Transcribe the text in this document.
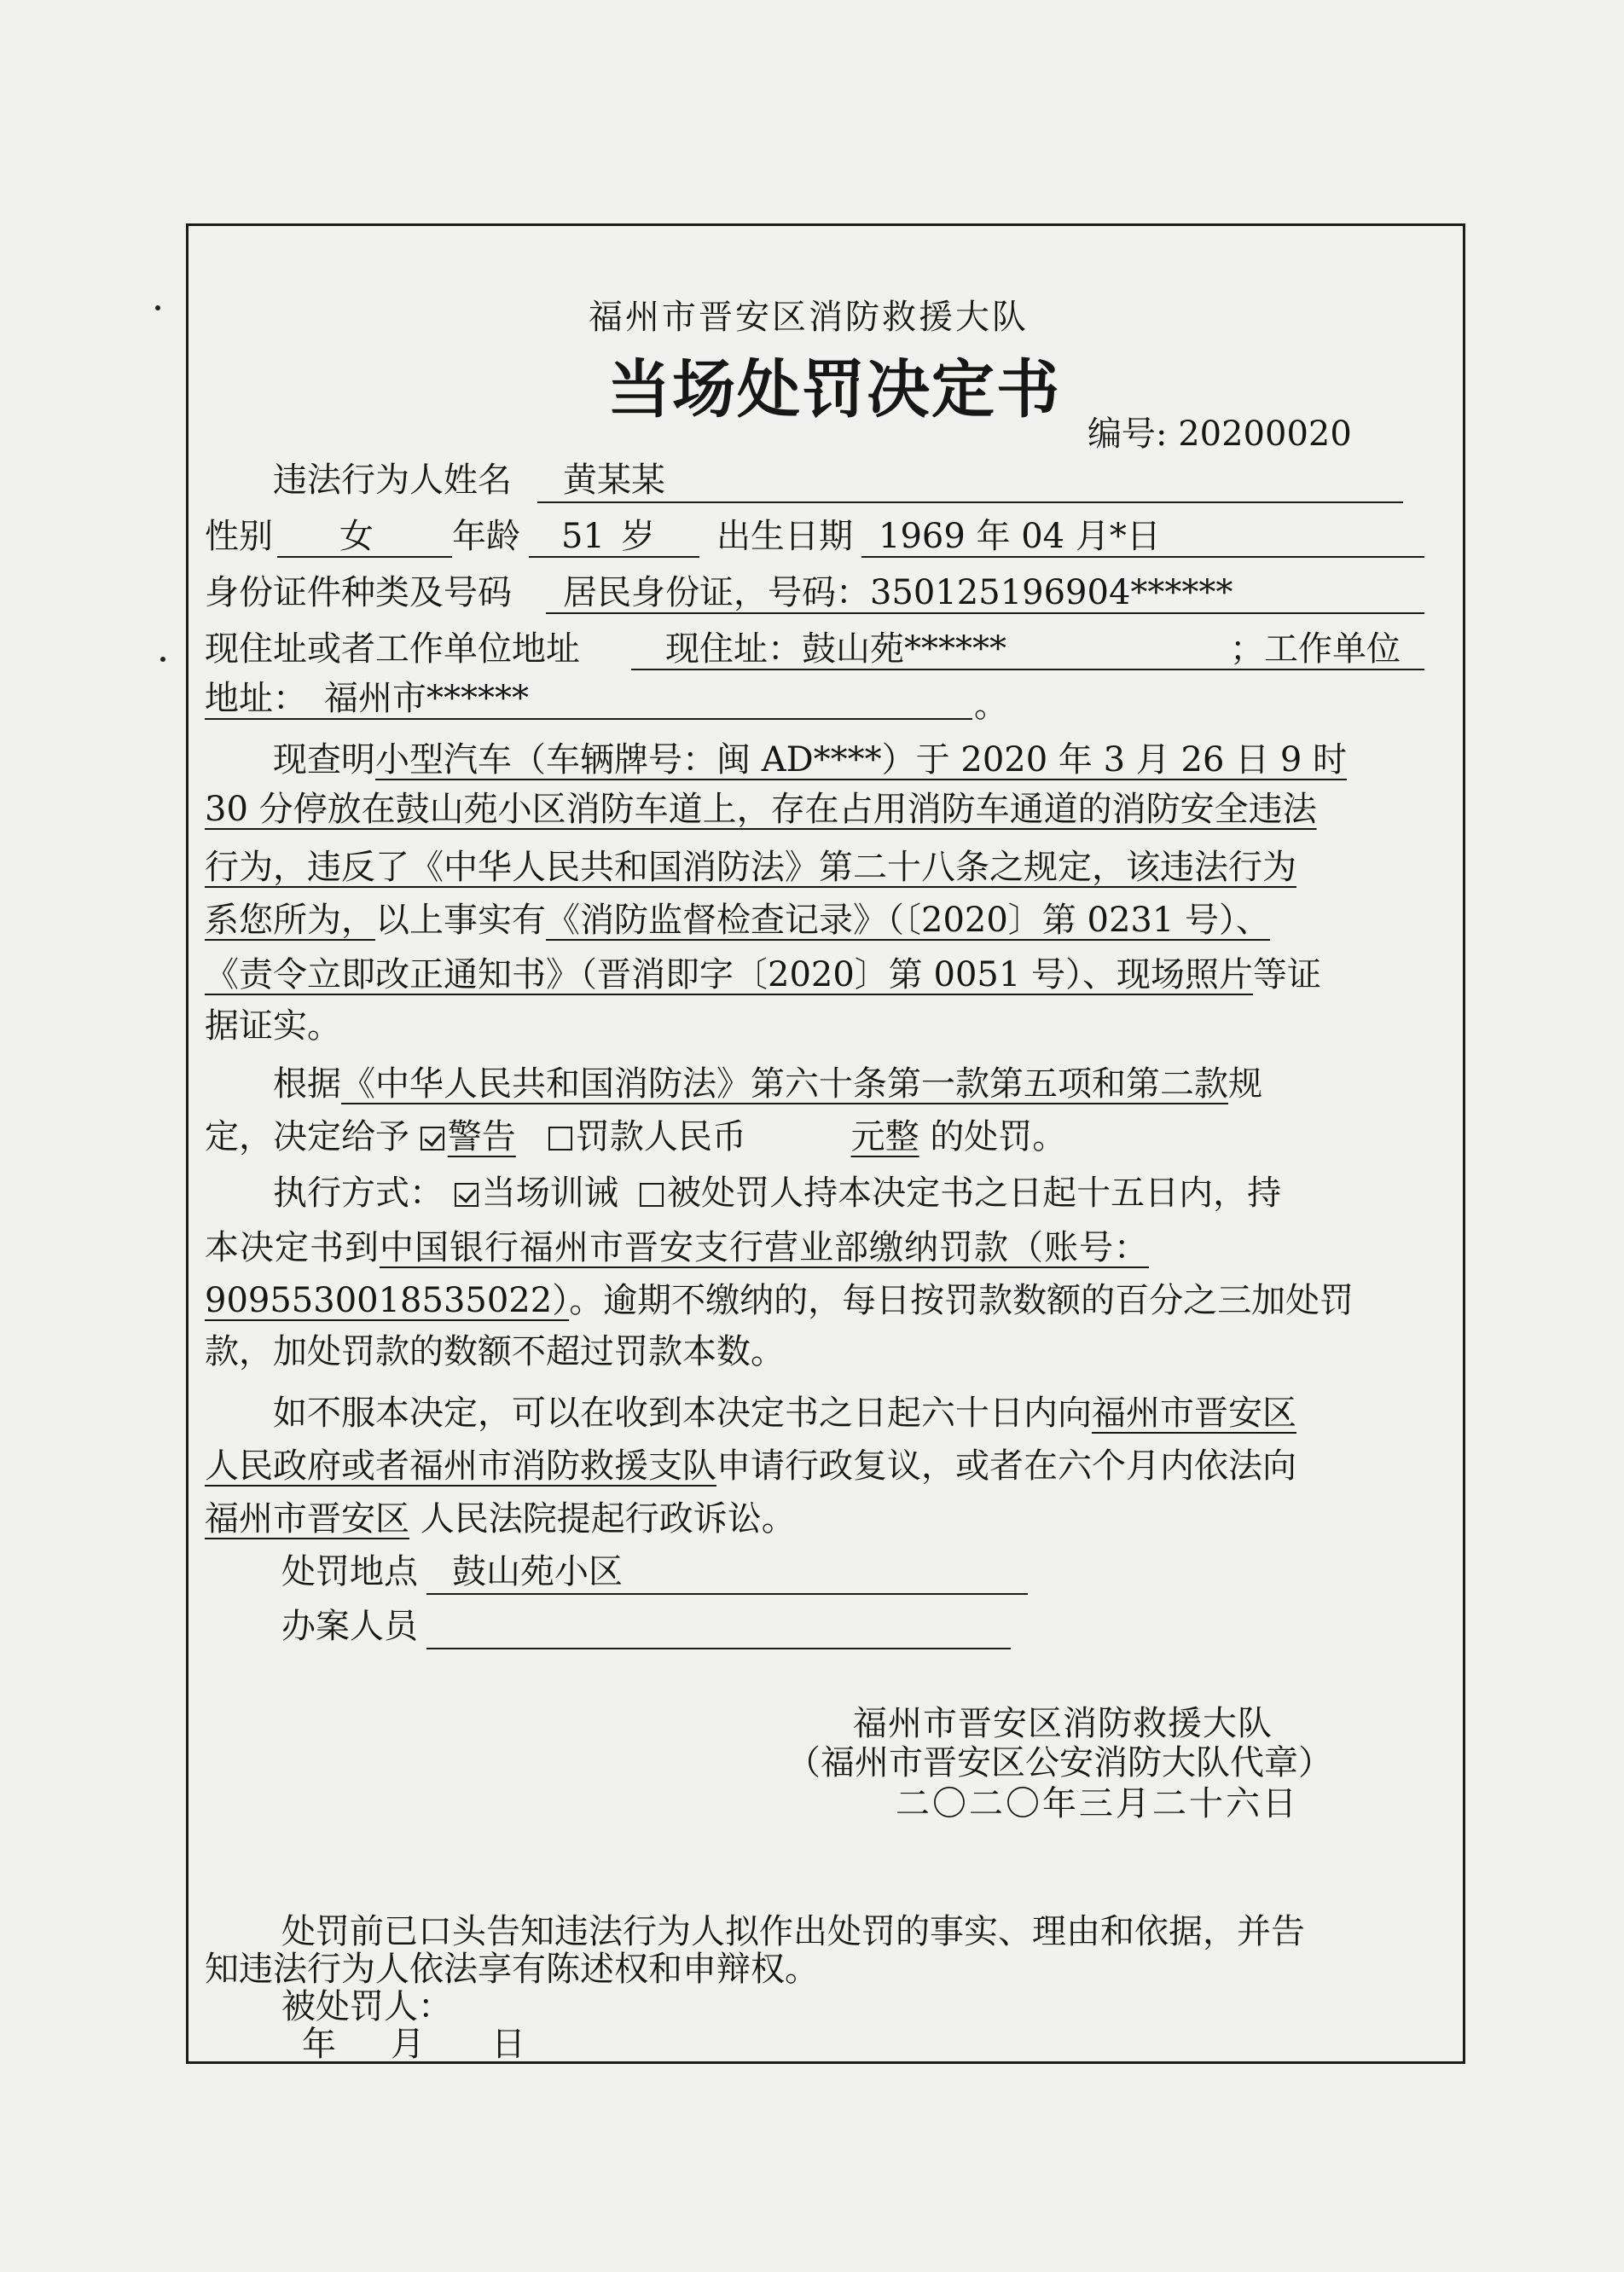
福州市晋安区消防救援大队
当场处罚决定书
编号: 20200020
违法行为人姓名 黄某某
性别 女 年龄 51 岁 出生日期 1969 年 04 月*日
身份证件种类及号码 居民身份证，号码：350125196904******
现住址或者工作单位地址	现住址：鼓山苑******	；工作单位
地址： 福州市******	。
现查明小型汽车（车辆牌号：闽 AD****）于 2020 年 3 月 26 日 9 时
30 分停放在鼓山苑小区消防车道上，存在占用消防车通道的消防安全违法
行为，违反了《中华人民共和国消防法》第二十八条之规定，该违法行为
系您所为，以上事实有《消防监督检查记录》（〔2020〕第 0231 号）、
《责令立即改正通知书》（晋消即字〔2020〕第 0051 号）、现场照片等证
据证实。
根据《中华人民共和国消防法》第六十条第一款第五项和第二款规
定，决定给予 警告 罚款人民币	元整 的处罚。
执行方式： 当场训诫 被处罚人持本决定书之日起十五日内，持
本决定书到中国银行福州市晋安支行营业部缴纳罚款（账号：
9095530018535022）。逾期不缴纳的，每日按罚款数额的百分之三加处罚
款，加处罚款的数额不超过罚款本数。
如不服本决定，可以在收到本决定书之日起六十日内向福州市晋安区
人民政府或者福州市消防救援支队申请行政复议，或者在六个月内依法向
福州市晋安区 人民法院提起行政诉讼。
处罚地点 鼓山苑小区
办案人员
福州市晋安区消防救援大队
（福州市晋安区公安消防大队代章）
二〇二〇年三月二十六日
处罚前已口头告知违法行为人拟作出处罚的事实、理由和依据，并告
知违法行为人依法享有陈述权和申辩权。
被处罚人：
年 月 日
